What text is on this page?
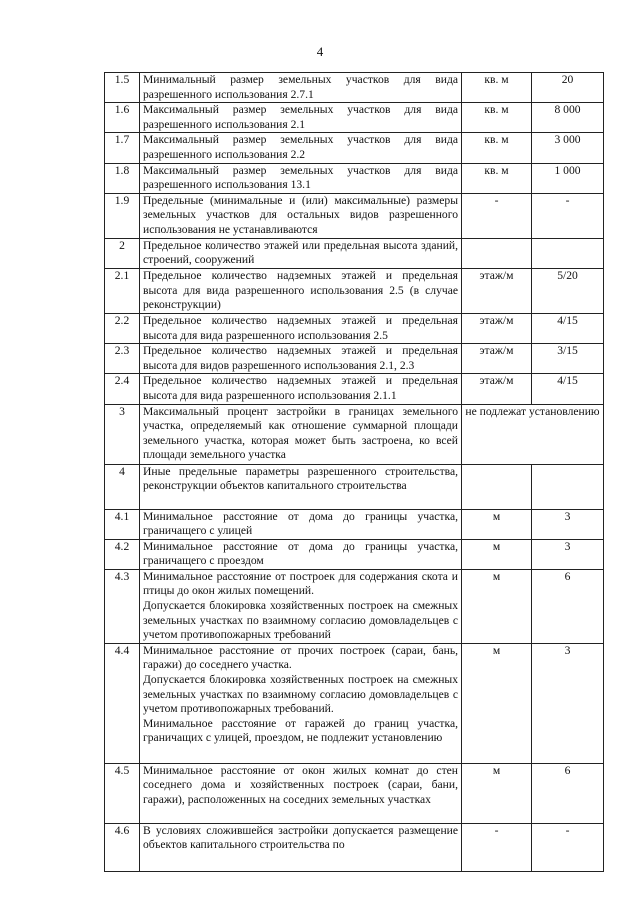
4
1.5	Минимальный размер земельных участков для вида разрешенного использования 2.7.1	кв. м	20
1.6	Максимальный размер земельных участков для вида разрешенного использования 2.1	кв. м	8 000
1.7	Максимальный размер земельных участков для вида разрешенного использования 2.2	кв. м	3 000
1.8	Максимальный размер земельных участков для вида разрешенного использования 13.1	кв. м	1 000
1.9	Предельные (минимальные и (или) максимальные) размеры земельных участков для остальных видов разрешенного использования не устанавливаются	-	-
2	Предельное количество этажей или предельная высота зданий, строений, сооружений		

2.1	Предельное количество надземных этажей и предельная высота для вида разрешенного использования 2.5 (в случае реконструкции)	этаж/м	5/20
2.2	Предельное количество надземных этажей и предельная высота для вида разрешенного использования 2.5	этаж/м	4/15
2.3	Предельное количество надземных этажей и предельная высота для видов разрешенного использования 2.1, 2.3	этаж/м	3/15
2.4	Предельное количество надземных этажей и предельная высота для вида разрешенного использования 2.1.1	этаж/м	4/15
3	Максимальный процент застройки в границах земельного участка, определяемый как отношение суммарной площади земельного участка, которая может быть застроена, ко всей площади земельного участка	не подлежат установлению	
4	Иные предельные параметры разрешенного строительства, реконструкции объектов капитального строительства		

4.1	Минимальное расстояние от дома до границы участка, граничащего с улицей	м	3
4.2	Минимальное расстояние от дома до границы участка, граничащего с проездом	м	3
4.3	Минимальное расстояние от построек для содержания скота и птицы до окон жилых помещений.
Допускается блокировка хозяйственных построек на смежных земельных участках по взаимному согласию домовладельцев с учетом противопожарных требований	м	6
4.4	Минимальное расстояние от прочих построек (сараи, бань, гаражи) до соседнего участка.
Допускается блокировка хозяйственных построек на смежных земельных участках по взаимному согласию домовладельцев с учетом противопожарных требований.
Минимальное расстояние от гаражей до границ участка, граничащих с улицей, проездом, не подлежит установлению	м	3
4.5	Минимальное расстояние от окон жилых комнат до стен соседнего дома и хозяйственных построек (сараи, бани, гаражи), расположенных на соседних земельных участках	м	6
4.6	В условиях сложившейся застройки допускается размещение объектов капитального строительства по	-	-
